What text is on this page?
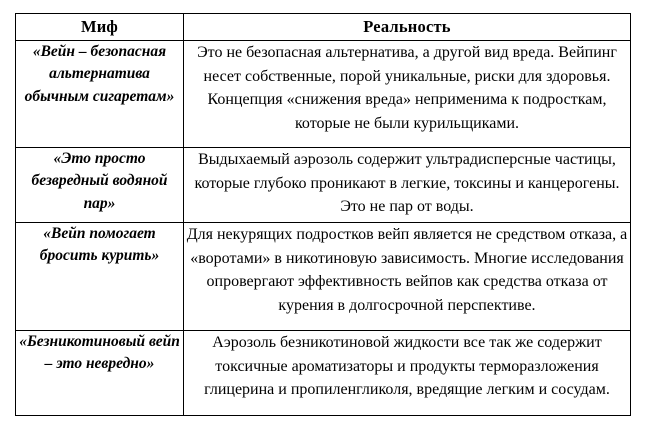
Миф	Реальность

«Вейн – безопасная альтернатива обычным сигаретам»	Это не безопасная альтернатива, а другой вид вреда. Вейпинг несет собственные, порой уникальные, риски для здоровья. Концепция «снижения вреда» неприменима к подросткам, которые не были курильщиками.

«Это просто безвредный водяной пар»	Выдыхаемый аэрозоль содержит ультрадисперсные частицы, которые глубоко проникают в легкие, токсины и канцерогены. Это не пар от воды.

«Вейп помогает бросить курить»	Для некурящих подростков вейп является не средством отказа, а «воротами» в никотиновую зависимость. Многие исследования опровергают эффективность вейпов как средства отказа от курения в долгосрочной перспективе.

«Безникотиновый вейп – это невредно»	Аэрозоль безникотиновой жидкости все так же содержит токсичные ароматизаторы и продукты терморазложения глицерина и пропиленгликоля, вредящие легким и сосудам.
